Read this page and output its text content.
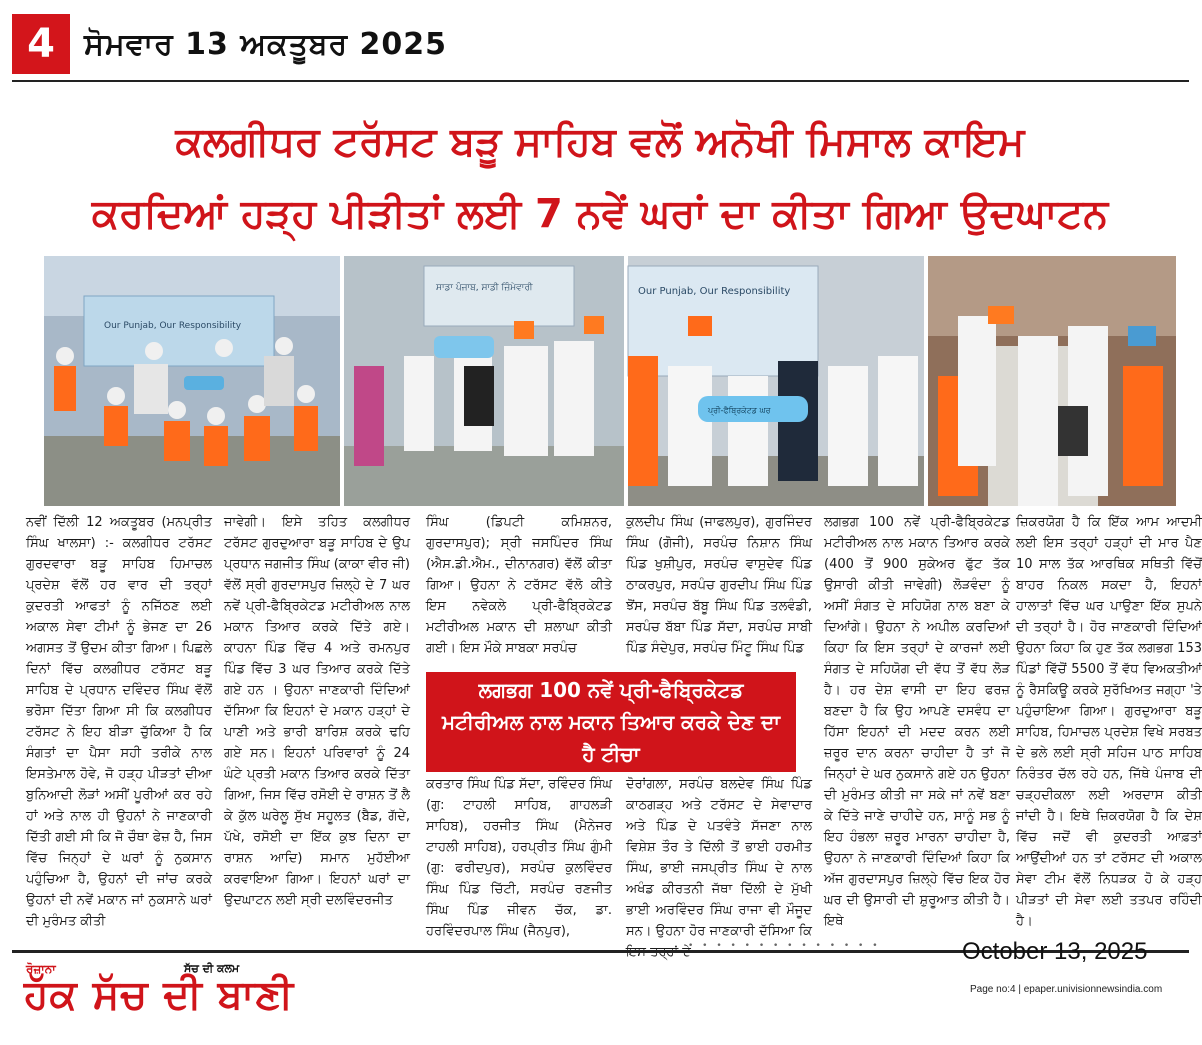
4 ਸੋਮਵਾਰ 13 ਅਕਤੂਬਰ 2025
ਕਲਗੀਧਰ ਟਰੱਸਟ ਬੜੂ ਸਾਹਿਬ ਵਲੋਂ ਅਨੋਖੀ ਮਿਸਾਲ ਕਾਇਮ
ਕਰਦਿਆਂ ਹੜ੍ਹ ਪੀੜੀਤਾਂ ਲਈ 7 ਨਵੇਂ ਘਰਾਂ ਦਾ ਕੀਤਾ ਗਿਆ ਉਦਘਾਟਨ
Our Punjab, Our Responsibility
ਸਾਡਾ ਪੰਜਾਬ, ਸਾਡੀ ਜ਼ਿੰਮੇਵਾਰੀ	Our Punjab, Our Responsibility
ਪ੍ਰੀ-ਫੈਬ੍ਰਿਕੇਟਡ ਘਰ
ਨਵੀਂ ਦਿੱਲੀ 12 ਅਕਤੂਬਰ (ਮਨਪ੍ਰੀਤ ਸਿੰਘ ਖਾਲਸਾ) :- ਕਲਗੀਧਰ ਟਰੱਸਟ ਗੁਰਦਵਾਰਾ ਬੜੂ ਸਾਹਿਬ ਹਿਮਾਚਲ ਪ੍ਰਦੇਸ਼ ਵੱਲੋਂ ਹਰ ਵਾਰ ਦੀ ਤਰ੍ਹਾਂ ਕੁਦਰਤੀ ਆਫਤਾਂ ਨੂੰ ਨਜਿੱਠਣ ਲਈ ਅਕਾਲ ਸੇਵਾ ਟੀਮਾਂ ਨੂੰ ਭੇਜਣ ਦਾ 26 ਅਗਸਤ ਤੋਂ ਉਦਮ ਕੀਤਾ ਗਿਆ। ਪਿਛਲੇ ਦਿਨਾਂ ਵਿੱਚ ਕਲਗੀਧਰ ਟਰੱਸਟ ਬੜੂ ਸਾਹਿਬ ਦੇ ਪ੍ਰਧਾਨ ਦਵਿੰਦਰ ਸਿੰਘ ਵੱਲੋਂ ਭਰੋਸਾ ਦਿੱਤਾ ਗਿਆ ਸੀ ਕਿ ਕਲਗੀਧਰ ਟਰੱਸਟ ਨੇ ਇਹ ਬੀੜਾ ਚੁੱਕਿਆ ਹੈ ਕਿ ਸੰਗਤਾਂ ਦਾ ਪੈਸਾ ਸਹੀ ਤਰੀਕੇ ਨਾਲ ਇਸਤੇਮਾਲ ਹੋਵੇ, ਜੋ ਹੜ੍ਹ ਪੀੜਤਾਂ ਦੀਆ ਬੁਨਿਆਦੀ ਲੋੜਾਂ ਅਸੀਂ ਪੂਰੀਆਂ ਕਰ ਰਹੇ ਹਾਂ ਅਤੇ ਨਾਲ ਹੀ ਉਹਨਾਂ ਨੇ ਜਾਣਕਾਰੀ ਦਿੱਤੀ ਗਈ ਸੀ ਕਿ ਜੋ ਚੌਥਾ ਫੇਜ਼ ਹੈ, ਜਿਸ ਵਿੱਚ ਜਿਨ੍ਹਾਂ ਦੇ ਘਰਾਂ ਨੂੰ ਨੁਕਸਾਨ ਪਹੁੰਚਿਆ ਹੈ, ਉਹਨਾਂ ਦੀ ਜਾਂਚ ਕਰਕੇ ਉਹਨਾਂ ਦੀ ਨਵੇਂ ਮਕਾਨ ਜਾਂ ਨੁਕਸਾਨੇ ਘਰਾਂ ਦੀ ਮੁਰੰਮਤ ਕੀਤੀ
ਜਾਵੇਗੀ। ਇਸੇ ਤਹਿਤ ਕਲਗੀਧਰ ਟਰੱਸਟ ਗੁਰਦੁਆਰਾ ਬੜੂ ਸਾਹਿਬ ਦੇ ਉਪ ਪ੍ਰਧਾਨ ਜਗਜੀਤ ਸਿੰਘ (ਕਾਕਾ ਵੀਰ ਜੀ) ਵੱਲੋਂ ਸ੍ਰੀ ਗੁਰਦਾਸਪੁਰ ਜ਼ਿਲ੍ਹੇ ਦੇ 7 ਘਰ ਨਵੇਂ ਪ੍ਰੀ-ਫੈਬ੍ਰਿਕੇਟਡ ਮਟੀਰੀਅਲ ਨਾਲ ਮਕਾਨ ਤਿਆਰ ਕਰਕੇ ਦਿੱਤੇ ਗਏ। ਕਾਹਨਾ ਪਿੰਡ ਵਿੱਚ 4 ਅਤੇ ਰਮਨਪੁਰ ਪਿੰਡ ਵਿੱਚ 3 ਘਰ ਤਿਆਰ ਕਰਕੇ ਦਿੱਤੇ ਗਏ ਹਨ । ਉਹਨਾ ਜਾਣਕਾਰੀ ਦਿੰਦਿਆਂ ਦੱਸਿਆ ਕਿ ਇਹਨਾਂ ਦੇ ਮਕਾਨ ਹੜ੍ਹਾਂ ਦੇ ਪਾਣੀ ਅਤੇ ਭਾਰੀ ਬਾਰਿਸ਼ ਕਰਕੇ ਢਹਿ ਗਏ ਸਨ। ਇਹਨਾਂ ਪਰਿਵਾਰਾਂ ਨੂੰ 24 ਘੰਟੇ ਪ੍ਰਤੀ ਮਕਾਨ ਤਿਆਰ ਕਰਕੇ ਦਿੱਤਾ ਗਿਆ, ਜਿਸ ਵਿੱਚ ਰਸੋਈ ਦੇ ਰਾਸ਼ਨ ਤੋਂ ਲੈ ਕੇ ਕੁੱਲ ਘਰੇਲੂ ਸੁੱਖ ਸਹੂਲਤ (ਬੈਡ, ਗੱਦੇ, ਪੱਖੇ, ਰਸੋਈ ਦਾ ਇੱਕ ਕੁਝ ਦਿਨਾ ਦਾ ਰਾਸ਼ਨ ਆਦਿ) ਸਮਾਨ ਮੁਹੱਈਆ ਕਰਵਾਇਆ ਗਿਆ। ਇਹਨਾਂ ਘਰਾਂ ਦਾ ਉਦਘਾਟਨ ਲਈ ਸ੍ਰੀ ਦਲਵਿੰਦਰਜੀਤ
ਸਿੰਘ (ਡਿਪਟੀ ਕਮਿਸ਼ਨਰ, ਗੁਰਦਾਸਪੁਰ); ਸ੍ਰੀ ਜਸਪਿੰਦਰ ਸਿੰਘ (ਐਸ.ਡੀ.ਐਮ., ਦੀਨਾਨਗਰ) ਵੱਲੋਂ ਕੀਤਾ ਗਿਆ। ਉਹਨਾ ਨੇ ਟਰੱਸਟ ਵੱਲੋ ਕੀਤੇ ਇਸ ਨਵੇਕਲੇ ਪ੍ਰੀ-ਫੈਬ੍ਰਿਕੇਟਡ ਮਟੀਰੀਅਲ ਮਕਾਨ ਦੀ ਸ਼ਲਾਘਾ ਕੀਤੀ ਗਈ। ਇਸ ਮੌਕੇ ਸਾਬਕਾ ਸਰਪੰਚ
ਕੁਲਦੀਪ ਸਿੰਘ (ਜਾਫਲਪੁਰ), ਗੁਰਜਿੰਦਰ ਸਿੰਘ (ਗੋਜੀ), ਸਰਪੰਚ ਨਿਸ਼ਾਨ ਸਿੰਘ ਪਿੰਡ ਖੁਸ਼ੀਪੁਰ, ਸਰਪੰਚ ਵਾਸੁਦੇਵ ਪਿੰਡ ਠਾਕਰਪੁਰ, ਸਰਪੰਚ ਗੁਰਦੀਪ ਸਿੰਘ ਪਿੰਡ ਝੋਂਸ, ਸਰਪੰਚ ਬੱਬੂ ਸਿੰਘ ਪਿੰਡ ਤਲਵੰਡੀ, ਸਰਪੰਚ ਬੱਬਾ ਪਿੰਡ ਸੱਦਾ, ਸਰਪੰਚ ਸਾਬੀ ਪਿੰਡ ਸੰਦੇਪੁਰ, ਸਰਪੰਚ ਮਿੰਟੂ ਸਿੰਘ ਪਿੰਡ
ਕਰਤਾਰ ਸਿੰਘ ਪਿੰਡ ਸੱਦਾ, ਰਵਿੰਦਰ ਸਿੰਘ (ਗੁ: ਟਾਹਲੀ ਸਾਹਿਬ, ਗਾਹਲੜੀ ਸਾਹਿਬ), ਹਰਜੀਤ ਸਿੰਘ (ਮੈਨੇਜਰ ਟਾਹਲੀ ਸਾਹਿਬ), ਹਰਪ੍ਰੀਤ ਸਿੰਘ ਗੁੰਮੀ (ਗੁ: ਫਰੀਦਪੁਰ), ਸਰਪੰਚ ਕੁਲਵਿੰਦਰ ਸਿੰਘ ਪਿੰਡ ਚਿੱਟੀ, ਸਰਪੰਚ ਰਣਜੀਤ ਸਿੰਘ ਪਿੰਡ ਜੀਵਨ ਚੱਕ, ਡਾ. ਹਰਵਿੰਦਰਪਾਲ ਸਿੰਘ (ਜੈਨਪੁਰ),
ਦੋਰਾਂਗਲਾ, ਸਰਪੰਚ ਬਲਦੇਵ ਸਿੰਘ ਪਿੰਡ ਕਾਠਗੜ੍ਹ ਅਤੇ ਟਰੱਸਟ ਦੇ ਸੇਵਾਦਾਰ ਅਤੇ ਪਿੰਡ ਦੇ ਪਤਵੰਤੇ ਸੱਜਣਾ ਨਾਲ ਵਿਸ਼ੇਸ਼ ਤੌਰ ਤੇ ਦਿੱਲੀ ਤੋਂ ਭਾਈ ਹਰਮੀਤ ਸਿੰਘ, ਭਾਈ ਜਸਪ੍ਰੀਤ ਸਿੰਘ ਦੇ ਨਾਲ ਅਖੰਡ ਕੀਰਤਨੀ ਜੱਥਾ ਦਿੱਲੀ ਦੇ ਮੁੱਖੀ ਭਾਈ ਅਰਵਿੰਦਰ ਸਿੰਘ ਰਾਜਾ ਵੀ ਮੌਜੂਦ ਸਨ। ਉਹਨਾ ਹੋਰ ਜਾਣਕਾਰੀ ਦੱਸਿਆ ਕਿ
ਲਗਭਗ 100 ਨਵੇਂ ਪ੍ਰੀ-ਫੈਬ੍ਰਿਕੇਟਡ ਮਟੀਰੀਅਲ ਨਾਲ ਮਕਾਨ ਤਿਆਰ ਕਰਕੇ (400 ਤੋਂ 900 ਸੁਕੇਅਰ ਫੁੱਟ ਤੱਕ ਉਸਾਰੀ ਕੀਤੀ ਜਾਵੇਗੀ) ਲੋੜਵੰਦਾ ਨੂੰ ਅਸੀਂ ਸੰਗਤ ਦੇ ਸਹਿਯੋਗ ਨਾਲ ਬਣਾ ਕੇ ਦਿਆਂਗੇ। ਉਹਨਾ ਨੇ ਅਪੀਲ ਕਰਦਿਆਂ ਕਿਹਾ ਕਿ ਇਸ ਤਰ੍ਹਾਂ ਦੇ ਕਾਰਜਾਂ ਲਈ ਸੰਗਤ ਦੇ ਸਹਿਯੋਗ ਦੀ ਵੱਧ ਤੋਂ ਵੱਧ ਲੋੜ ਹੈ। ਹਰ ਦੇਸ਼ ਵਾਸੀ ਦਾ ਇਹ ਫਰਜ਼ ਬਣਦਾ ਹੈ ਕਿ ਉਹ ਆਪਣੇ ਦਸਵੰਧ ਦਾ ਹਿੱਸਾ ਇਹਨਾਂ ਦੀ ਮਦਦ ਕਰਨ ਲਈ ਜ਼ਰੂਰ ਦਾਨ ਕਰਨਾ ਚਾਹੀਦਾ ਹੈ ਤਾਂ ਜੋ ਜਿਨ੍ਹਾਂ ਦੇ ਘਰ ਨੁਕਸਾਨੇ ਗਏ ਹਨ ਉਹਨਾ ਦੀ ਮੁਰੰਮਤ ਕੀਤੀ ਜਾ ਸਕੇ ਜਾਂ ਨਵੇਂ ਬਣਾ ਕੇ ਦਿੱਤੇ ਜਾਣੇ ਚਾਹੀਦੇ ਹਨ, ਸਾਨੂੰ ਸਭ ਨੂੰ ਇਹ ਹੰਭਲਾ ਜ਼ਰੂਰ ਮਾਰਨਾ ਚਾਹੀਦਾ ਹੈ, ਉਹਨਾ ਨੇ ਜਾਣਕਾਰੀ ਦਿੰਦਿਆਂ ਕਿਹਾ ਕਿ ਅੱਜ ਗੁਰਦਾਸਪੁਰ ਜ਼ਿਲ੍ਹੇ ਵਿੱਚ ਇਕ ਹੋਰ ਘਰ ਦੀ ਉਸਾਰੀ ਦੀ ਸ਼ੁਰੂਆਤ ਕੀਤੀ ਹੈ। ਇਥੇ
ਜ਼ਿਕਰਯੋਗ ਹੈ ਕਿ ਇੱਕ ਆਮ ਆਦਮੀ ਲਈ ਇਸ ਤਰ੍ਹਾਂ ਹੜ੍ਹਾਂ ਦੀ ਮਾਰ ਪੈਣ 10 ਸਾਲ ਤੱਕ ਆਰਥਿਕ ਸਥਿਤੀ ਵਿੱਚੋਂ ਬਾਹਰ ਨਿਕਲ ਸਕਦਾ ਹੈ, ਇਹਨਾਂ ਹਾਲਾਤਾਂ ਵਿੱਚ ਘਰ ਪਾਉਣਾ ਇੱਕ ਸੁਪਨੇ ਦੀ ਤਰ੍ਹਾਂ ਹੈ। ਹੋਰ ਜਾਣਕਾਰੀ ਦਿੰਦਿਆਂ ਉਹਨਾ ਕਿਹਾ ਕਿ ਹੁਣ ਤੱਕ ਲਗਭਗ 153 ਪਿੰਡਾਂ ਵਿੱਚੋਂ 5500 ਤੋਂ ਵੱਧ ਵਿਅਕਤੀਆਂ ਨੂੰ ਰੈਸਕਿਊ ਕਰਕੇ ਸੁਰੱਖਿਅਤ ਜਗ੍ਹਾ 'ਤੇ ਪਹੁੰਚਾਇਆ ਗਿਆ। ਗੁਰਦੁਆਰਾ ਬੜੂ ਸਾਹਿਬ, ਹਿਮਾਚਲ ਪ੍ਰਦੇਸ਼ ਵਿਖੇ ਸਰਬਤ ਦੇ ਭਲੇ ਲਈ ਸ੍ਰੀ ਸਹਿਜ ਪਾਠ ਸਾਹਿਬ ਨਿਰੰਤਰ ਚੱਲ ਰਹੇ ਹਨ, ਜਿੱਥੇ ਪੰਜਾਬ ਦੀ ਚੜ੍ਹਦੀਕਲਾ ਲਈ ਅਰਦਾਸ ਕੀਤੀ ਜਾਂਦੀ ਹੈ। ਇਥੇ ਜ਼ਿਕਰਯੋਗ ਹੈ ਕਿ ਦੇਸ਼ ਵਿੱਚ ਜਦੋਂ ਵੀ ਕੁਦਰਤੀ ਆਫ਼ਤਾਂ ਆਉਂਦੀਆਂ ਹਨ ਤਾਂ ਟਰੱਸਟ ਦੀ ਅਕਾਲ ਸੇਵਾ ਟੀਮ ਵੱਲੋਂ ਨਿਧੜਕ ਹੋ ਕੇ ਹੜ੍ਹ ਪੀੜਤਾਂ ਦੀ ਸੇਵਾ ਲਈ ਤਤਪਰ ਰਹਿੰਦੀ ਹੈ।
ਲਗਭਗ 100 ਨਵੇਂ ਪ੍ਰੀ-ਫੈਬ੍ਰਿਕੇਟਡ ਮਟੀਰੀਅਲ ਨਾਲ ਮਕਾਨ ਤਿਆਰ ਕਰਕੇ ਦੇਣ ਦਾ ਹੈ ਟੀਚਾ
• • • • • • • • • • • • • •	October 13, 2025
ਰੋਜ਼ਾਨਾ
ਹੱਕ ਸੱਚ ਦੀ ਬਾਣੀ
ਸੱਚ ਦੀ ਕਲਮ
Page no:4 | epaper.univisionnewsindia.com
